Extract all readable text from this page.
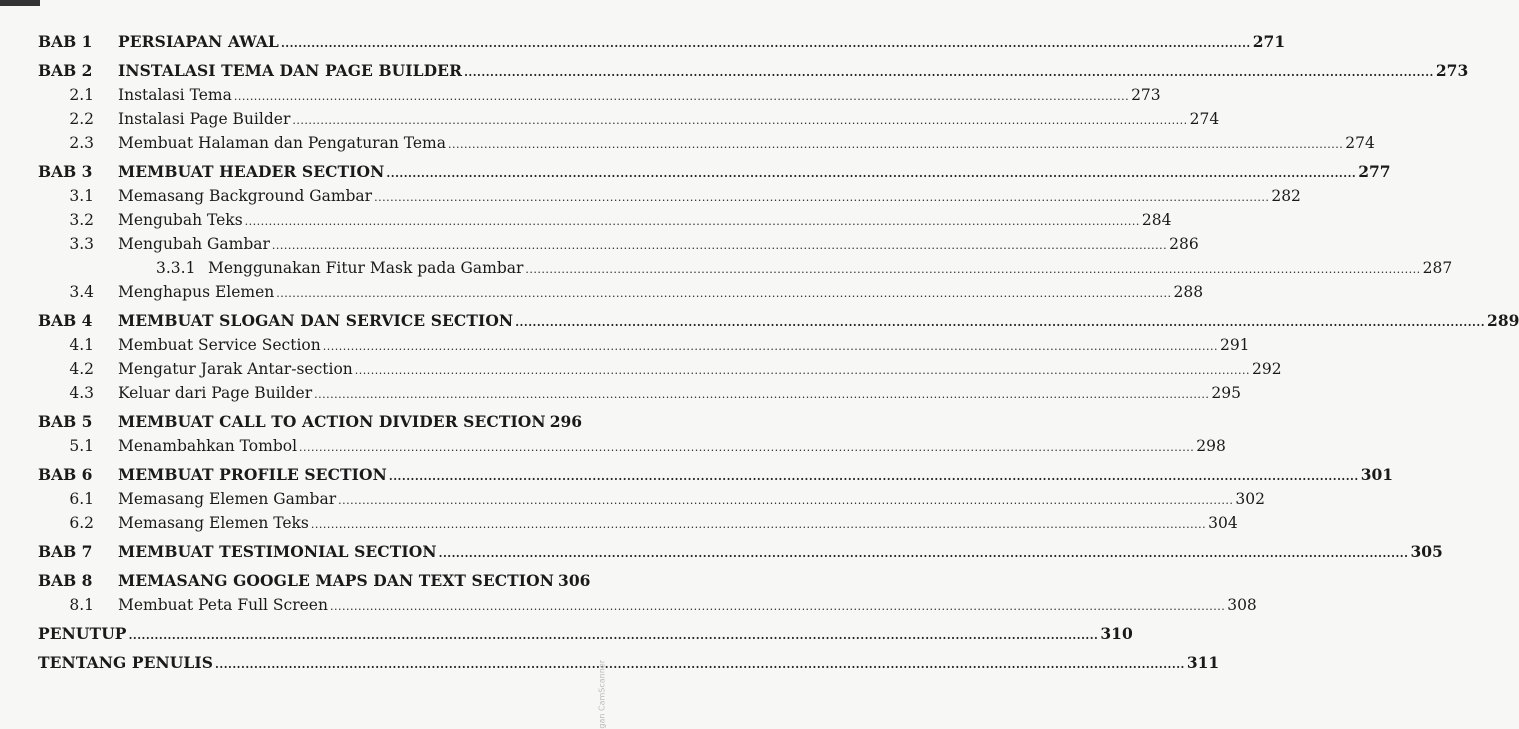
BAB 1	PERSIAPAN AWAL .....	271
BAB 2	INSTALASI TEMA DAN PAGE BUILDER .....	273
2.1	Instalasi Tema .....	273
2.2	Instalasi Page Builder .....	274
2.3	Membuat Halaman dan Pengaturan Tema .....	274
BAB 3	MEMBUAT HEADER SECTION .....	277
3.1	Memasang Background Gambar .....	282
3.2	Mengubah Teks .....	284
3.3	Mengubah Gambar .....	286
3.3.1 Menggunakan Fitur Mask pada Gambar .....	287
3.4	Menghapus Elemen .....	288
BAB 4	MEMBUAT SLOGAN DAN SERVICE SECTION .....	289
4.1	Membuat Service Section .....	291
4.2	Mengatur Jarak Antar-section .....	292
4.3	Keluar dari Page Builder .....	295
BAB 5	MEMBUAT CALL TO ACTION DIVIDER SECTION 296
5.1	Menambahkan Tombol .....	298
BAB 6	MEMBUAT PROFILE SECTION .....	301
6.1	Memasang Elemen Gambar .....	302
6.2	Memasang Elemen Teks .....	304
BAB 7	MEMBUAT TESTIMONIAL SECTION .....	305
BAB 8	MEMASANG GOOGLE MAPS DAN TEXT SECTION 306
8.1	Membuat Peta Full Screen .....	308
PENUTUP .....	310
TENTANG PENULIS .....	311
gan CamScanner
